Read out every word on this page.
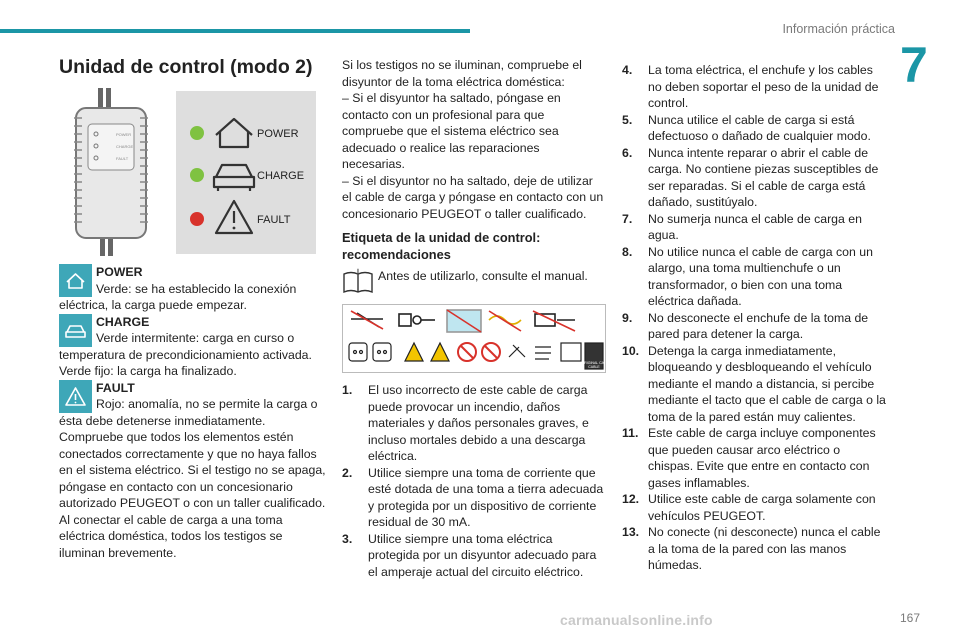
Información práctica
7
Unidad de control (modo 2)
POWER
CHARGE
FAULT
POWER
CHARGE
FAULT

POWER
Verde: se ha establecido la conexión eléctrica, la carga puede empezar.

CHARGE
Verde intermitente: carga en curso o temperatura de precondicionamiento activada. Verde fijo: la carga ha finalizado.

FAULT
Rojo: anomalía, no se permite la carga o ésta debe detenerse inmediatamente. Compruebe que todos los elementos estén conectados correctamente y que no haya fallos en el sistema eléctrico. Si el testigo no se apaga, póngase en contacto con un concesionario autorizado PEUGEOT o con un taller cualificado. Al conectar el cable de carga a una toma eléctrica doméstica, todos los testigos se iluminan brevemente.

Si los testigos no se iluminan, compruebe el disyuntor de la toma eléctrica doméstica:

– Si el disyuntor ha saltado, póngase en contacto con un profesional para que compruebe que el sistema eléctrico sea adecuado o realice las reparaciones necesarias.

– Si el disyuntor no ha saltado, deje de utilizar el cable de carga y póngase en contacto con un concesionario PEUGEOT o taller cualificado.

Etiqueta de la unidad de control: recomendaciones
i Antes de utilizarlo, consulte el manual.
ORIGINAL CAR
CABLE
1. El uso incorrecto de este cable de carga puede provocar un incendio, daños materiales y daños personales graves, e incluso mortales debido a una descarga eléctrica.
2. Utilice siempre una toma de corriente que esté dotada de una toma a tierra adecuada y protegida por un dispositivo de corriente residual de 30 mA.
3. Utilice siempre una toma eléctrica protegida por un disyuntor adecuado para el amperaje actual del circuito eléctrico.
4. La toma eléctrica, el enchufe y los cables no deben soportar el peso de la unidad de control.
5. Nunca utilice el cable de carga si está defectuoso o dañado de cualquier modo.
6. Nunca intente reparar o abrir el cable de carga. No contiene piezas susceptibles de ser reparadas. Si el cable de carga está dañado, sustitúyalo.
7. No sumerja nunca el cable de carga en agua.
8. No utilice nunca el cable de carga con un alargo, una toma multienchufe o un transformador, o bien con una toma eléctrica dañada.
9. No desconecte el enchufe de la toma de pared para detener la carga.
10. Detenga la carga inmediatamente, bloqueando y desbloqueando el vehículo mediante el mando a distancia, si percibe mediante el tacto que el cable de carga o la toma de la pared están muy calientes.
11. Este cable de carga incluye componentes que pueden causar arco eléctrico o chispas. Evite que entre en contacto con gases inflamables.
12. Utilice este cable de carga solamente con vehículos PEUGEOT.
13. No conecte (ni desconecte) nunca el cable a la toma de la pared con las manos húmedas.
carmanualsonline.info	167
